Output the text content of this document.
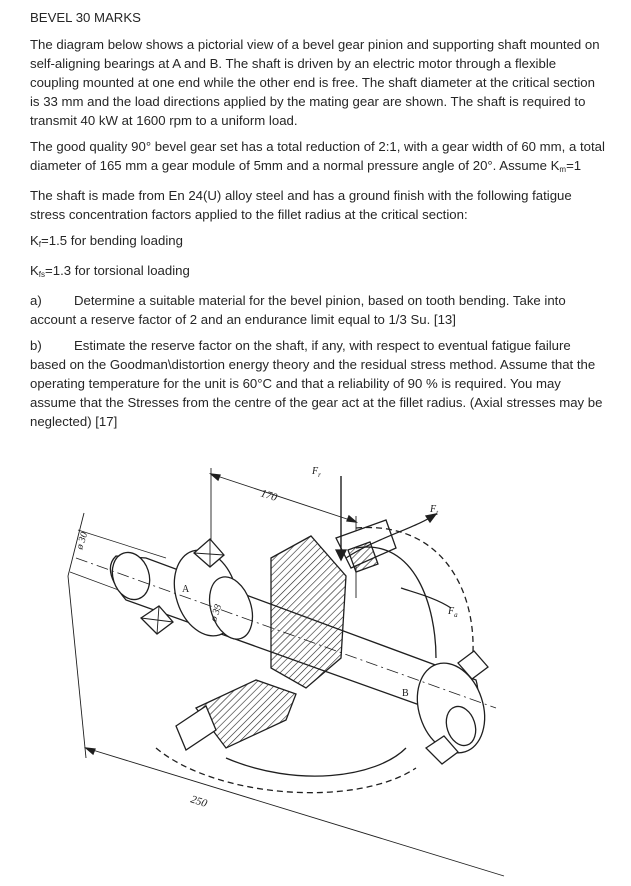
BEVEL 30 MARKS

The diagram below shows a pictorial view of a bevel gear pinion and supporting shaft mounted on self-aligning bearings at A and B. The shaft is driven by an electric motor through a flexible coupling mounted at one end while the other end is free. The shaft diameter at the critical section is 33 mm and the load directions applied by the mating gear are shown. The shaft is required to transmit 40 kW at 1600 rpm to a uniform load.

The good quality 90° bevel gear set has a total reduction of 2:1, with a gear width of 60 mm, a total diameter of 165 mm a gear module of 5mm and a normal pressure angle of 20°. Assume $K_m=1$

The shaft is made from En 24(U) alloy steel and has a ground finish with the following fatigue stress concentration factors applied to the fillet radius at the critical section:

$K_f=1.5$ for bending loading

$K_{fs}=1.3$ for torsional loading

a) Determine a suitable material for the bevel pinion, based on tooth bending. Take into account a reserve factor of 2 and an endurance limit equal to 1/3 Su. [13]

b) Estimate the reserve factor on the shaft, if any, with respect to eventual fatigue failure based on the Goodman\distortion energy theory and the residual stress method. Assume that the operating temperature for the unit is 60°C and that a reliability of 90 % is required. You may assume that the Stresses from the centre of the gear act at the fillet radius. (Axial stresses may be neglected) [17]

170
ø 30
ø 33
250
A
B
$F_r$
$F_t$
$F_a$
